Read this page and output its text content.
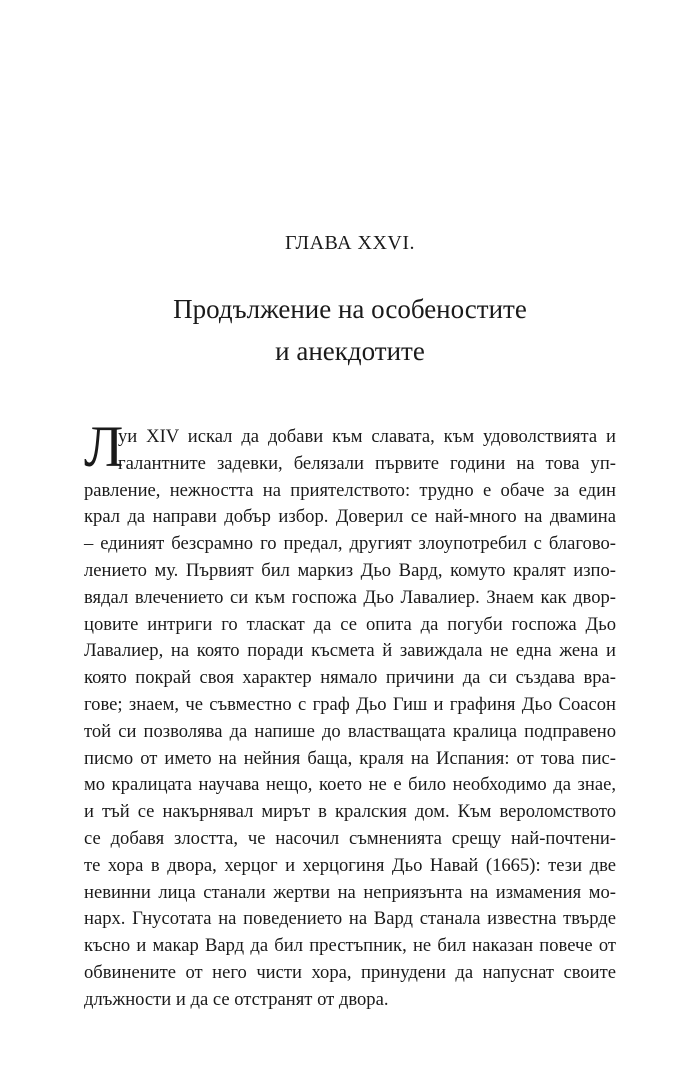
ГЛАВА XXVI.
Продължение на особеностите
и анекдотите
Л
уи XIV искал да добави към славата, към удоволствията и
галантните задевки, белязали първите години на това уп-
равление, нежността на приятелството: трудно е обаче за един
крал да направи добър избор. Доверил се най-много на двамина
– единият безсрамно го предал, другият злоупотребил с благово-
лението му. Първият бил маркиз Дьо Вард, комуто кралят изпо-
вядал влечението си към госпожа Дьо Лавалиер. Знаем как двор-
цовите интриги го тласкат да се опита да погуби госпожа Дьо
Лавалиер, на която поради късмета й завиждала не една жена и
която покрай своя характер нямало причини да си създава вра-
гове; знаем, че съвместно с граф Дьо Гиш и графиня Дьо Соасон
той си позволява да напише до властващата кралица подправено
писмо от името на нейния баща, краля на Испания: от това пис-
мо кралицата научава нещо, което не е било необходимо да знае,
и тъй се накърнявал мирът в кралския дом. Към вероломството
се добавя злостта, че насочил съмненията срещу най-почтени-
те хора в двора, херцог и херцогиня Дьо Навай (1665): тези две
невинни лица станали жертви на неприязънта на измамения мо-
нарх. Гнусотата на поведението на Вард станала известна твърде
късно и макар Вард да бил престъпник, не бил наказан повече от
обвинените от него чисти хора, принудени да напуснат своите
длъжности и да се отстранят от двора.
